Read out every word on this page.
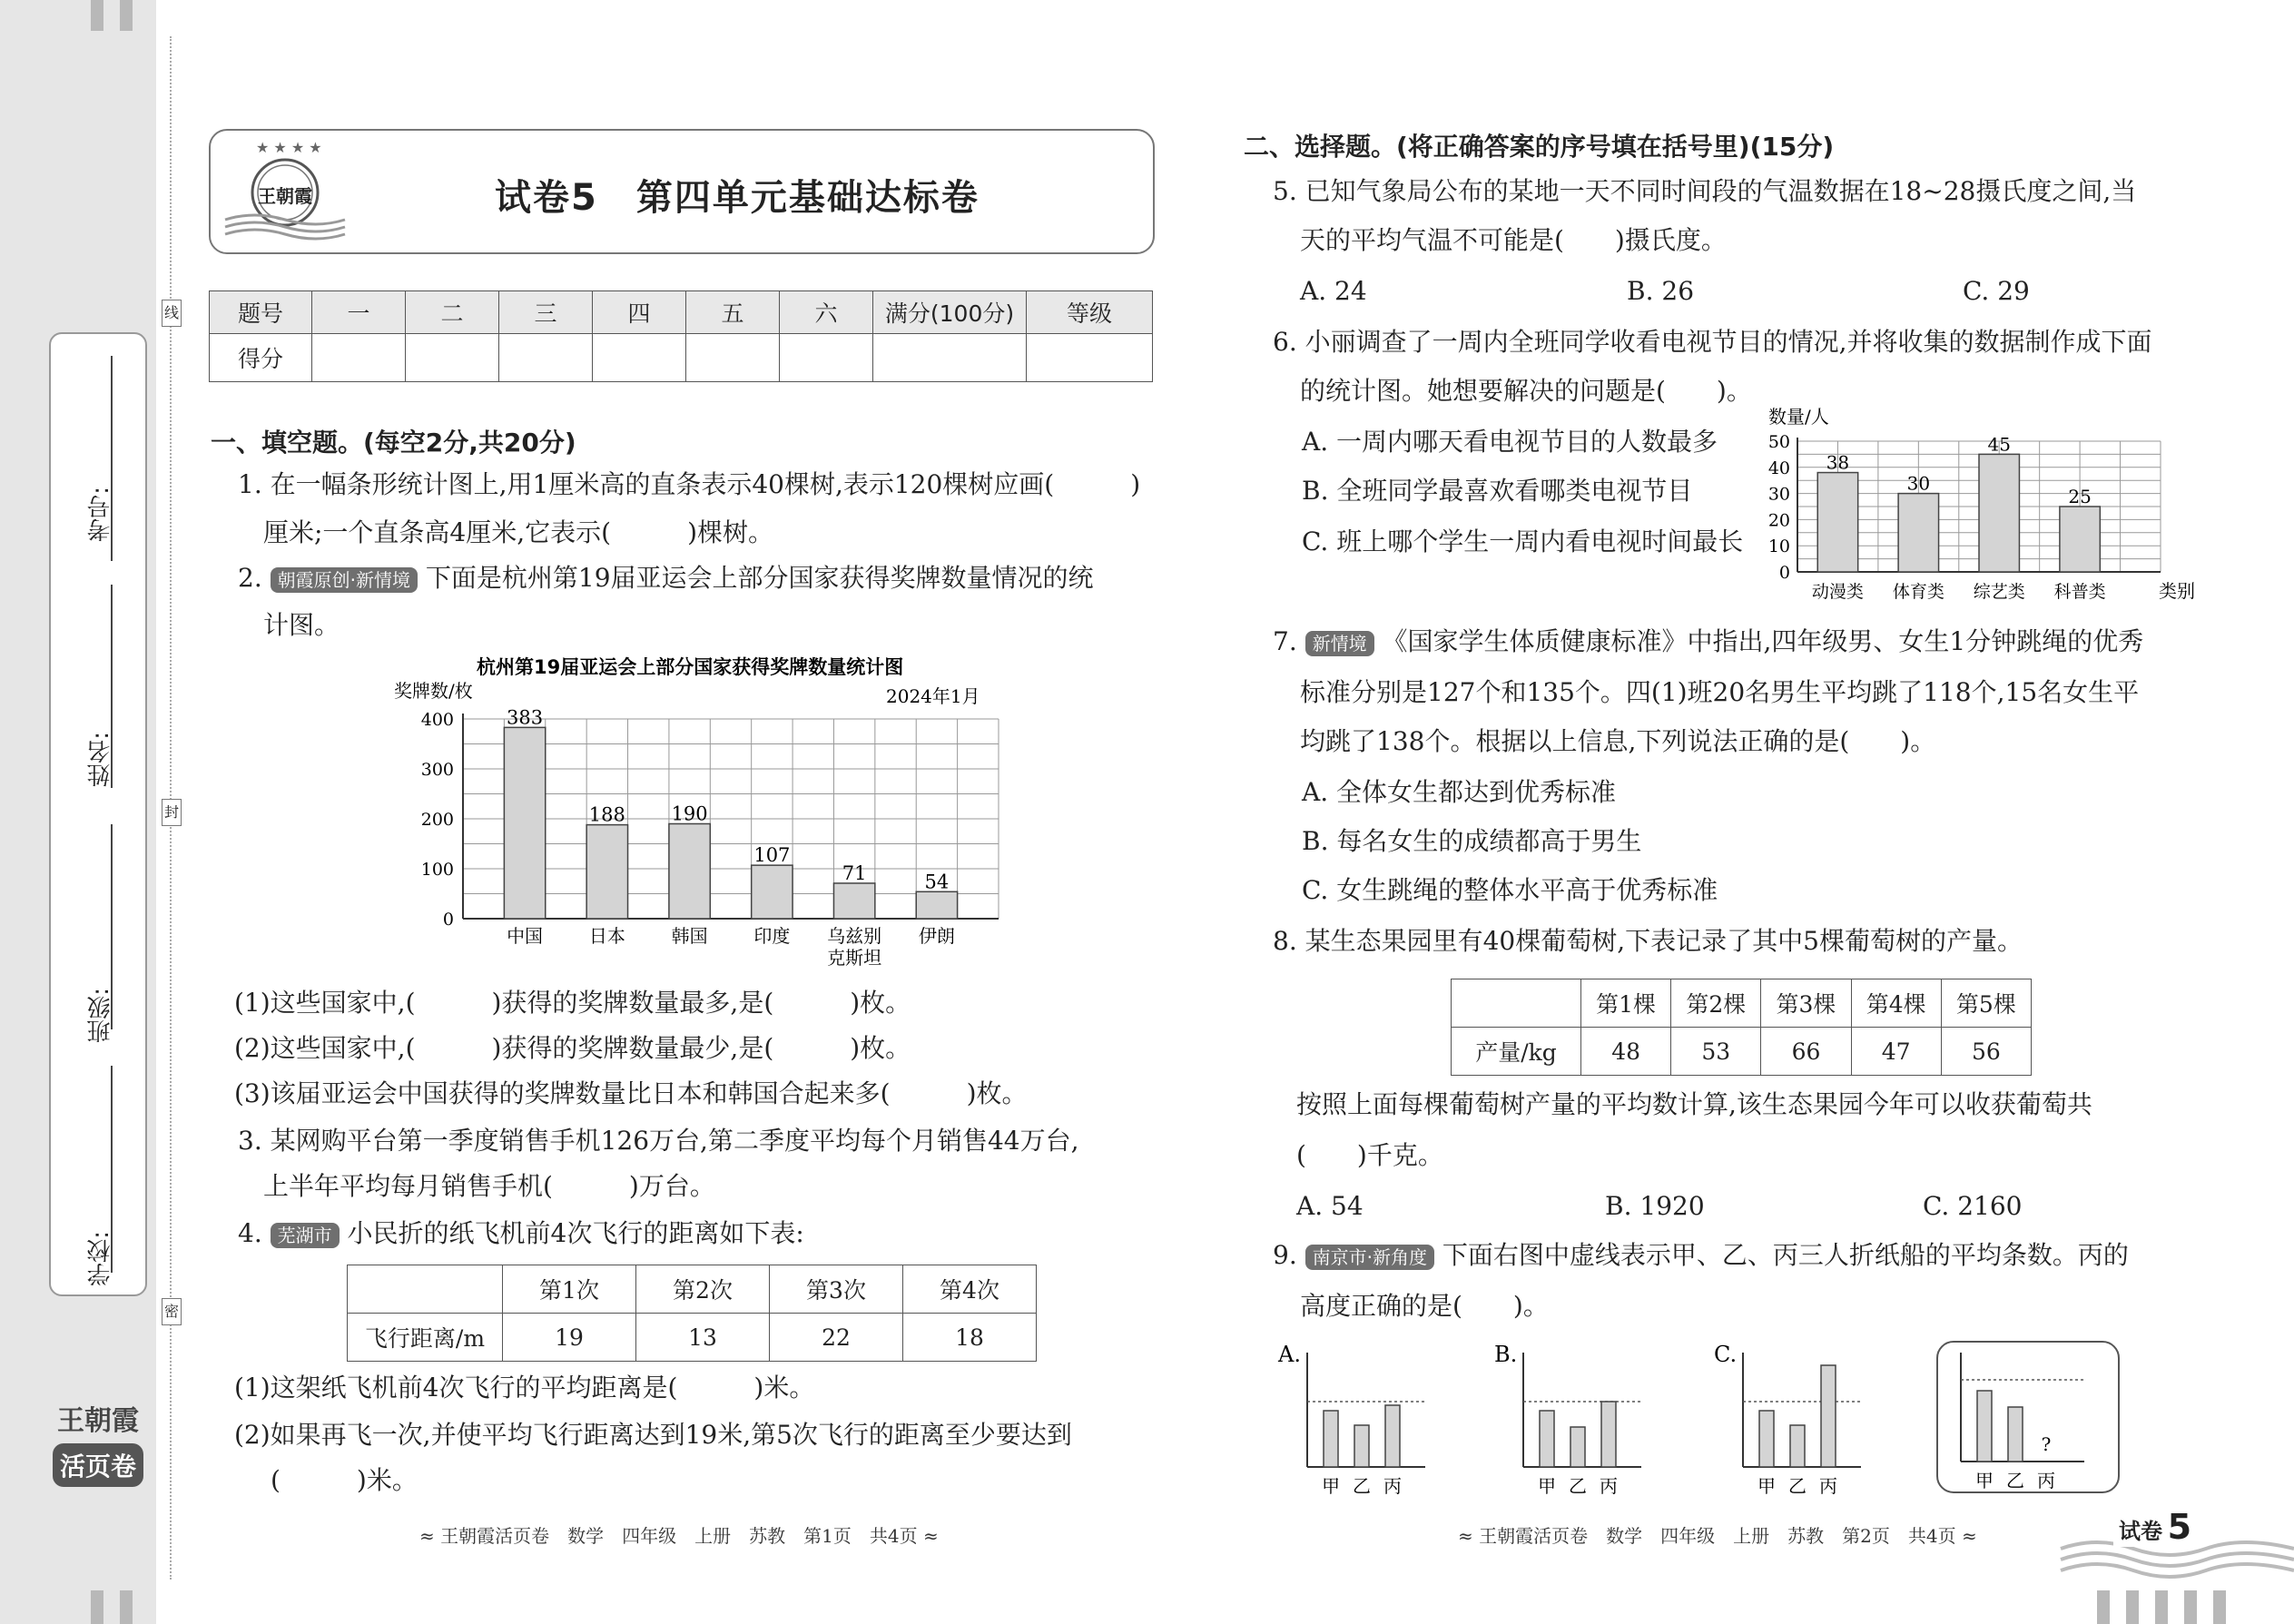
考号:
姓名:
班级:
学校:
线
封
密
王朝霞
活页卷
★ ★ ★ ★
王朝霞	试卷5　第四单元基础达标卷
题号	一	二	三	四	五	六	满分(100分)	等级
得分								
一、填空题。(每空2分,共20分)
1. 在一幅条形统计图上,用1厘米高的直条表示40棵树,表示120棵树应画(　　　)
厘米;一个直条高4厘米,它表示(　　　)棵树。
2. 朝霞原创·新情境 下面是杭州第19届亚运会上部分国家获得奖牌数量情况的统
计图。
杭州第19届亚运会上部分国家获得奖牌数量统计图
奖牌数/枚	2024年1月
0
100
200
300
400	383
中国
188
日本
190
韩国
107
印度
71
乌兹别
克斯坦
54
伊朗
(1)这些国家中,(　　　)获得的奖牌数量最多,是(　　　)枚。
(2)这些国家中,(　　　)获得的奖牌数量最少,是(　　　)枚。
(3)该届亚运会中国获得的奖牌数量比日本和韩国合起来多(　　　)枚。
3. 某网购平台第一季度销售手机126万台,第二季度平均每个月销售44万台,
上半年平均每月销售手机(　　　)万台。
4. 芜湖市 小民折的纸飞机前4次飞行的距离如下表:
	第1次	第2次	第3次	第4次
飞行距离/m	19	13	22	18
(1)这架纸飞机前4次飞行的平均距离是(　　　)米。
(2)如果再飞一次,并使平均飞行距离达到19米,第5次飞行的距离至少要达到
(　　　)米。
≈ 王朝霞活页卷　数学　四年级　上册　苏教　第1页　共4页 ≈
二、选择题。(将正确答案的序号填在括号里)(15分)
5. 已知气象局公布的某地一天不同时间段的气温数据在18~28摄氏度之间,当
天的平均气温不可能是(　　)摄氏度。
A. 24	B. 26	C. 29
6. 小丽调查了一周内全班同学收看电视节目的情况,并将收集的数据制作成下面
的统计图。她想要解决的问题是(　　)。
A. 一周内哪天看电视节目的人数最多
B. 全班同学最喜欢看哪类电视节目
C. 班上哪个学生一周内看电视时间最长
数量/人
类别
0
10
20
30
40
50
38
动漫类
30
体育类
45
综艺类
25
科普类
7. 新情境 《国家学生体质健康标准》中指出,四年级男、女生1分钟跳绳的优秀
标准分别是127个和135个。四(1)班20名男生平均跳了118个,15名女生平
均跳了138个。根据以上信息,下列说法正确的是(　　)。
A. 全体女生都达到优秀标准
B. 每名女生的成绩都高于男生
C. 女生跳绳的整体水平高于优秀标准
8. 某生态果园里有40棵葡萄树,下表记录了其中5棵葡萄树的产量。
	第1棵	第2棵	第3棵	第4棵	第5棵
产量/kg	48	53	66	47	56
按照上面每棵葡萄树产量的平均数计算,该生态果园今年可以收获葡萄共
(　　)千克。
A. 54	B. 1920	C. 2160
9. 南京市·新角度 下面右图中虚线表示甲、乙、丙三人折纸船的平均条数。丙的
高度正确的是(　　)。
A.
甲 乙 丙
B.
甲 乙 丙
C.
甲 乙 丙
?
甲 乙 丙
≈ 王朝霞活页卷　数学　四年级　上册　苏教　第2页　共4页 ≈	试卷 5
